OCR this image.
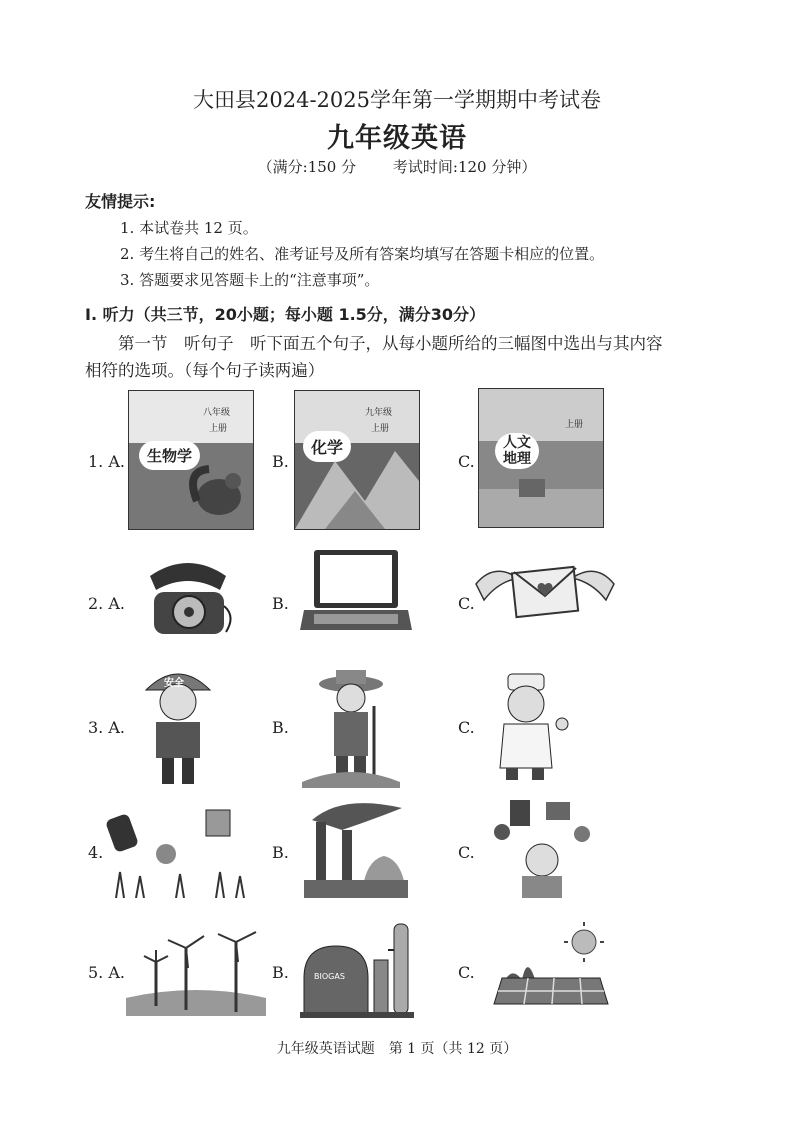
大田县2024-2025学年第一学期期中考试卷
九年级英语
（满分:150 分 考试时间:120 分钟）
友情提示:
1. 本试卷共 12 页。
2. 考生将自己的姓名、准考证号及所有答案均填写在答题卡相应的位置。
3. 答题要求见答题卡上的“注意事项”。
Ⅰ. 听力（共三节，20小题；每小题 1.5分，满分30分）
第一节　听句子　听下面五个句子，从每小题所给的三幅图中选出与其内容
相符的选项。（每个句子读两遍）
1. A.	B.	C.
八年级
上册
生物学
九年级
上册
化学
上册
人文
地理
2. A.	B.	C.
3. A.	B.	C.
安全
4.	B.	C.
5. A.	B.	C.
BIOGAS
九年级英语试题　第 1 页（共 12 页）
